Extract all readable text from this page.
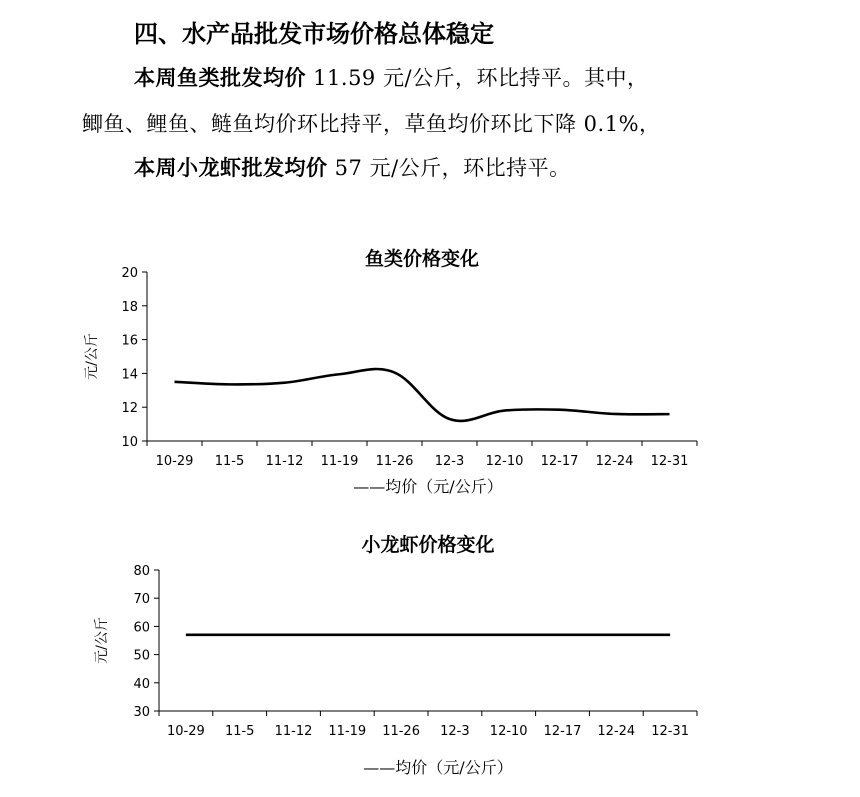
四、水产品批发市场价格总体稳定
本周鱼类批发均价 11.59 元/公斤，环比持平。其中，
鲫鱼、鲤鱼、鲢鱼均价环比持平，草鱼均价环比下降 0.1%，
本周小龙虾批发均价 57 元/公斤，环比持平。
鱼类价格变化
10
12
14
16
18
20
10-29 11-5 11-12 11-19 11-26 12-3 12-10 12-17 12-24 12-31
元/公斤
——均价（元/公斤）
小龙虾价格变化
30
40
50
60
70
80
10-29 11-5 11-12 11-19 11-26 12-3 12-10 12-17 12-24 12-31
元/公斤
——均价（元/公斤）
